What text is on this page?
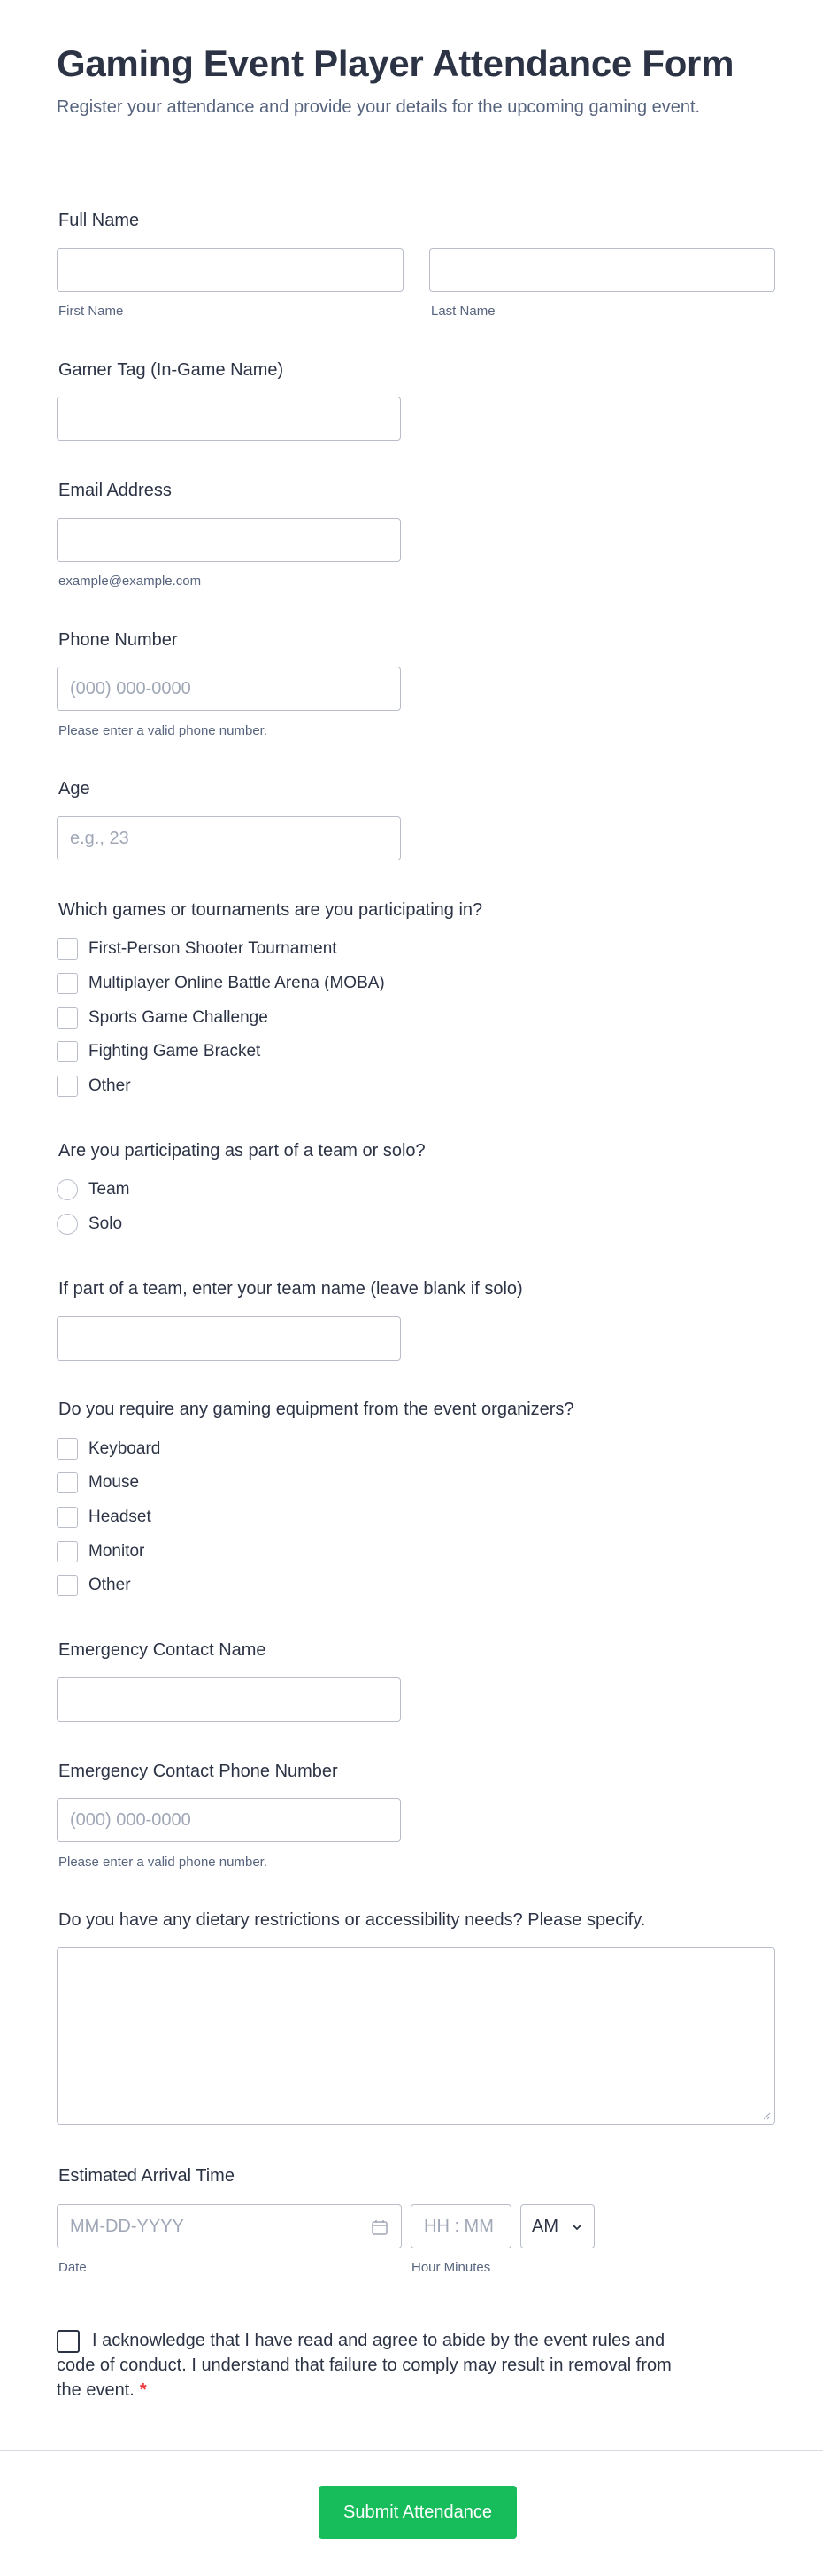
Gaming Event Player Attendance Form
Register your attendance and provide your details for the upcoming gaming event.
Full Name
First Name	Last Name
Gamer Tag (In-Game Name)
Email Address
example@example.com
Phone Number
(000) 000-0000
Please enter a valid phone number.
Age
e.g., 23
Which games or tournaments are you participating in?
First-Person Shooter Tournament
Multiplayer Online Battle Arena (MOBA)
Sports Game Challenge
Fighting Game Bracket
Other
Are you participating as part of a team or solo?
Team
Solo
If part of a team, enter your team name (leave blank if solo)
Do you require any gaming equipment from the event organizers?
Keyboard
Mouse
Headset
Monitor
Other
Emergency Contact Name
Emergency Contact Phone Number
(000) 000-0000
Please enter a valid phone number.
Do you have any dietary restrictions or accessibility needs? Please specify.
Estimated Arrival Time
MM-DD-YYYY	HH : MM AM
Date	Hour Minutes
I acknowledge that I have read and agree to abide by the event rules and code of conduct. I understand that failure to comply may result in removal from the event. *
Submit Attendance
